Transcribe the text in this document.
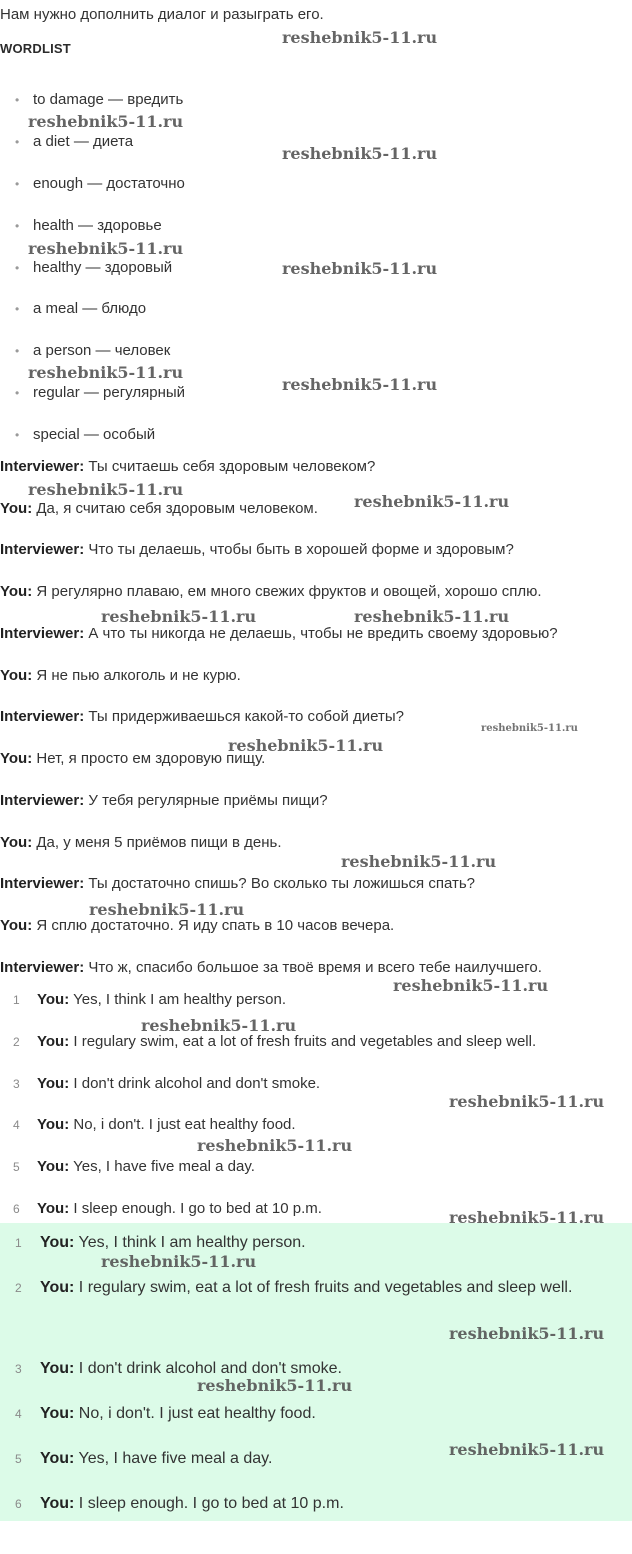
Нам нужно дополнить диалог и разыграть его.
WORDLIST
• to damage — вредить
• a diet — диета
• enough — достаточно
• health — здоровье
• healthy — здоровый
• a meal — блюдо
• a person — человек
• regular — регулярный
• special — особый
Interviewer: Ты считаешь себя здоровым человеком?
You: Да, я считаю себя здоровым человеком.
Interviewer: Что ты делаешь, чтобы быть в хорошей форме и здоровым?
You: Я регулярно плаваю, ем много свежих фруктов и овощей, хорошо сплю.
Interviewer: А что ты никогда не делаешь, чтобы не вредить своему здоровью?
You: Я не пью алкоголь и не курю.
Interviewer: Ты придерживаешься какой-то собой диеты?
You: Нет, я просто ем здоровую пищу.
Interviewer: У тебя регулярные приёмы пищи?
You: Да, у меня 5 приёмов пищи в день.
Interviewer: Ты достаточно спишь? Во сколько ты ложишься спать?
You: Я сплю достаточно. Я иду спать в 10 часов вечера.
Interviewer: Что ж, спасибо большое за твоё время и всего тебе наилучшего.
1 You: Yes, I think I am healthy person.
2 You: I regulary swim, eat a lot of fresh fruits and vegetables and sleep well.
3 You: I don't drink alcohol and don't smoke.
4 You: No, i don't. I just eat healthy food.
5 You: Yes, I have five meal a day.
6 You: I sleep enough. I go to bed at 10 p.m.
1 You: Yes, I think I am healthy person.
2 You: I regulary swim, eat a lot of fresh fruits and vegetables and sleep well.
3 You: I don't drink alcohol and don't smoke.
4 You: No, i don't. I just eat healthy food.
5 You: Yes, I have five meal a day.
6 You: I sleep enough. I go to bed at 10 p.m.
reshebnik5-11.ru
reshebnik5-11.ru
reshebnik5-11.ru
reshebnik5-11.ru
reshebnik5-11.ru
reshebnik5-11.ru
reshebnik5-11.ru
reshebnik5-11.ru
reshebnik5-11.ru
reshebnik5-11.ru	reshebnik5-11.ru
reshebnik5-11.ru
reshebnik5-11.ru
reshebnik5-11.ru
reshebnik5-11.ru
reshebnik5-11.ru
reshebnik5-11.ru
reshebnik5-11.ru
reshebnik5-11.ru
reshebnik5-11.ru
reshebnik5-11.ru
reshebnik5-11.ru
reshebnik5-11.ru
reshebnik5-11.ru
